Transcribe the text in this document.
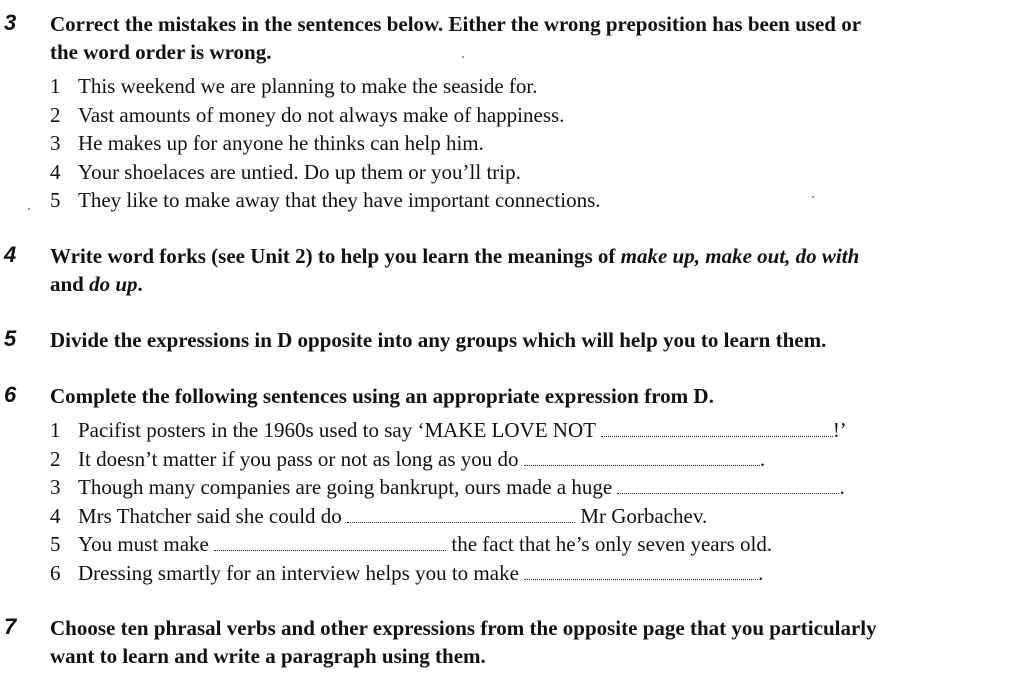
3 Correct the mistakes in the sentences below. Either the wrong preposition has been used or
the word order is wrong.
1 This weekend we are planning to make the seaside for.
2 Vast amounts of money do not always make of happiness.
3 He makes up for anyone he thinks can help him.
4 Your shoelaces are untied. Do up them or you’ll trip.
5 They like to make away that they have important connections.
4 Write word forks (see Unit 2) to help you learn the meanings of make up, make out, do with
and do up.
5 Divide the expressions in D opposite into any groups which will help you to learn them.
6 Complete the following sentences using an appropriate expression from D.
1 Pacifist posters in the 1960s used to say ‘MAKE LOVE NOT	!’
2 It doesn’t matter if you pass or not as long as you do	.
3 Though many companies are going bankrupt, ours made a huge	.
4 Mrs Thatcher said she could do	Mr Gorbachev.
5 You must make	the fact that he’s only seven years old.
6 Dressing smartly for an interview helps you to make	.
7 Choose ten phrasal verbs and other expressions from the opposite page that you particularly
want to learn and write a paragraph using them.
